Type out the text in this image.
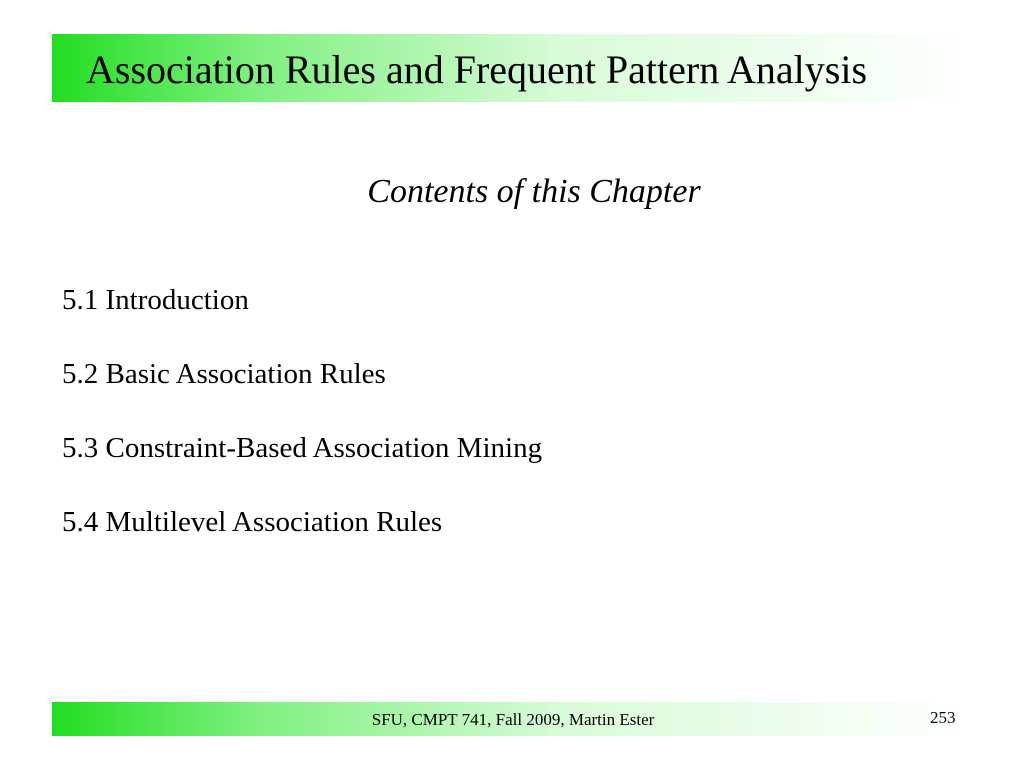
Association Rules and Frequent Pattern Analysis
Contents of this Chapter
5.1 Introduction
5.2 Basic Association Rules
5.3 Constraint-Based Association Mining
5.4 Multilevel Association Rules
SFU, CMPT 741, Fall 2009, Martin Ester	253
